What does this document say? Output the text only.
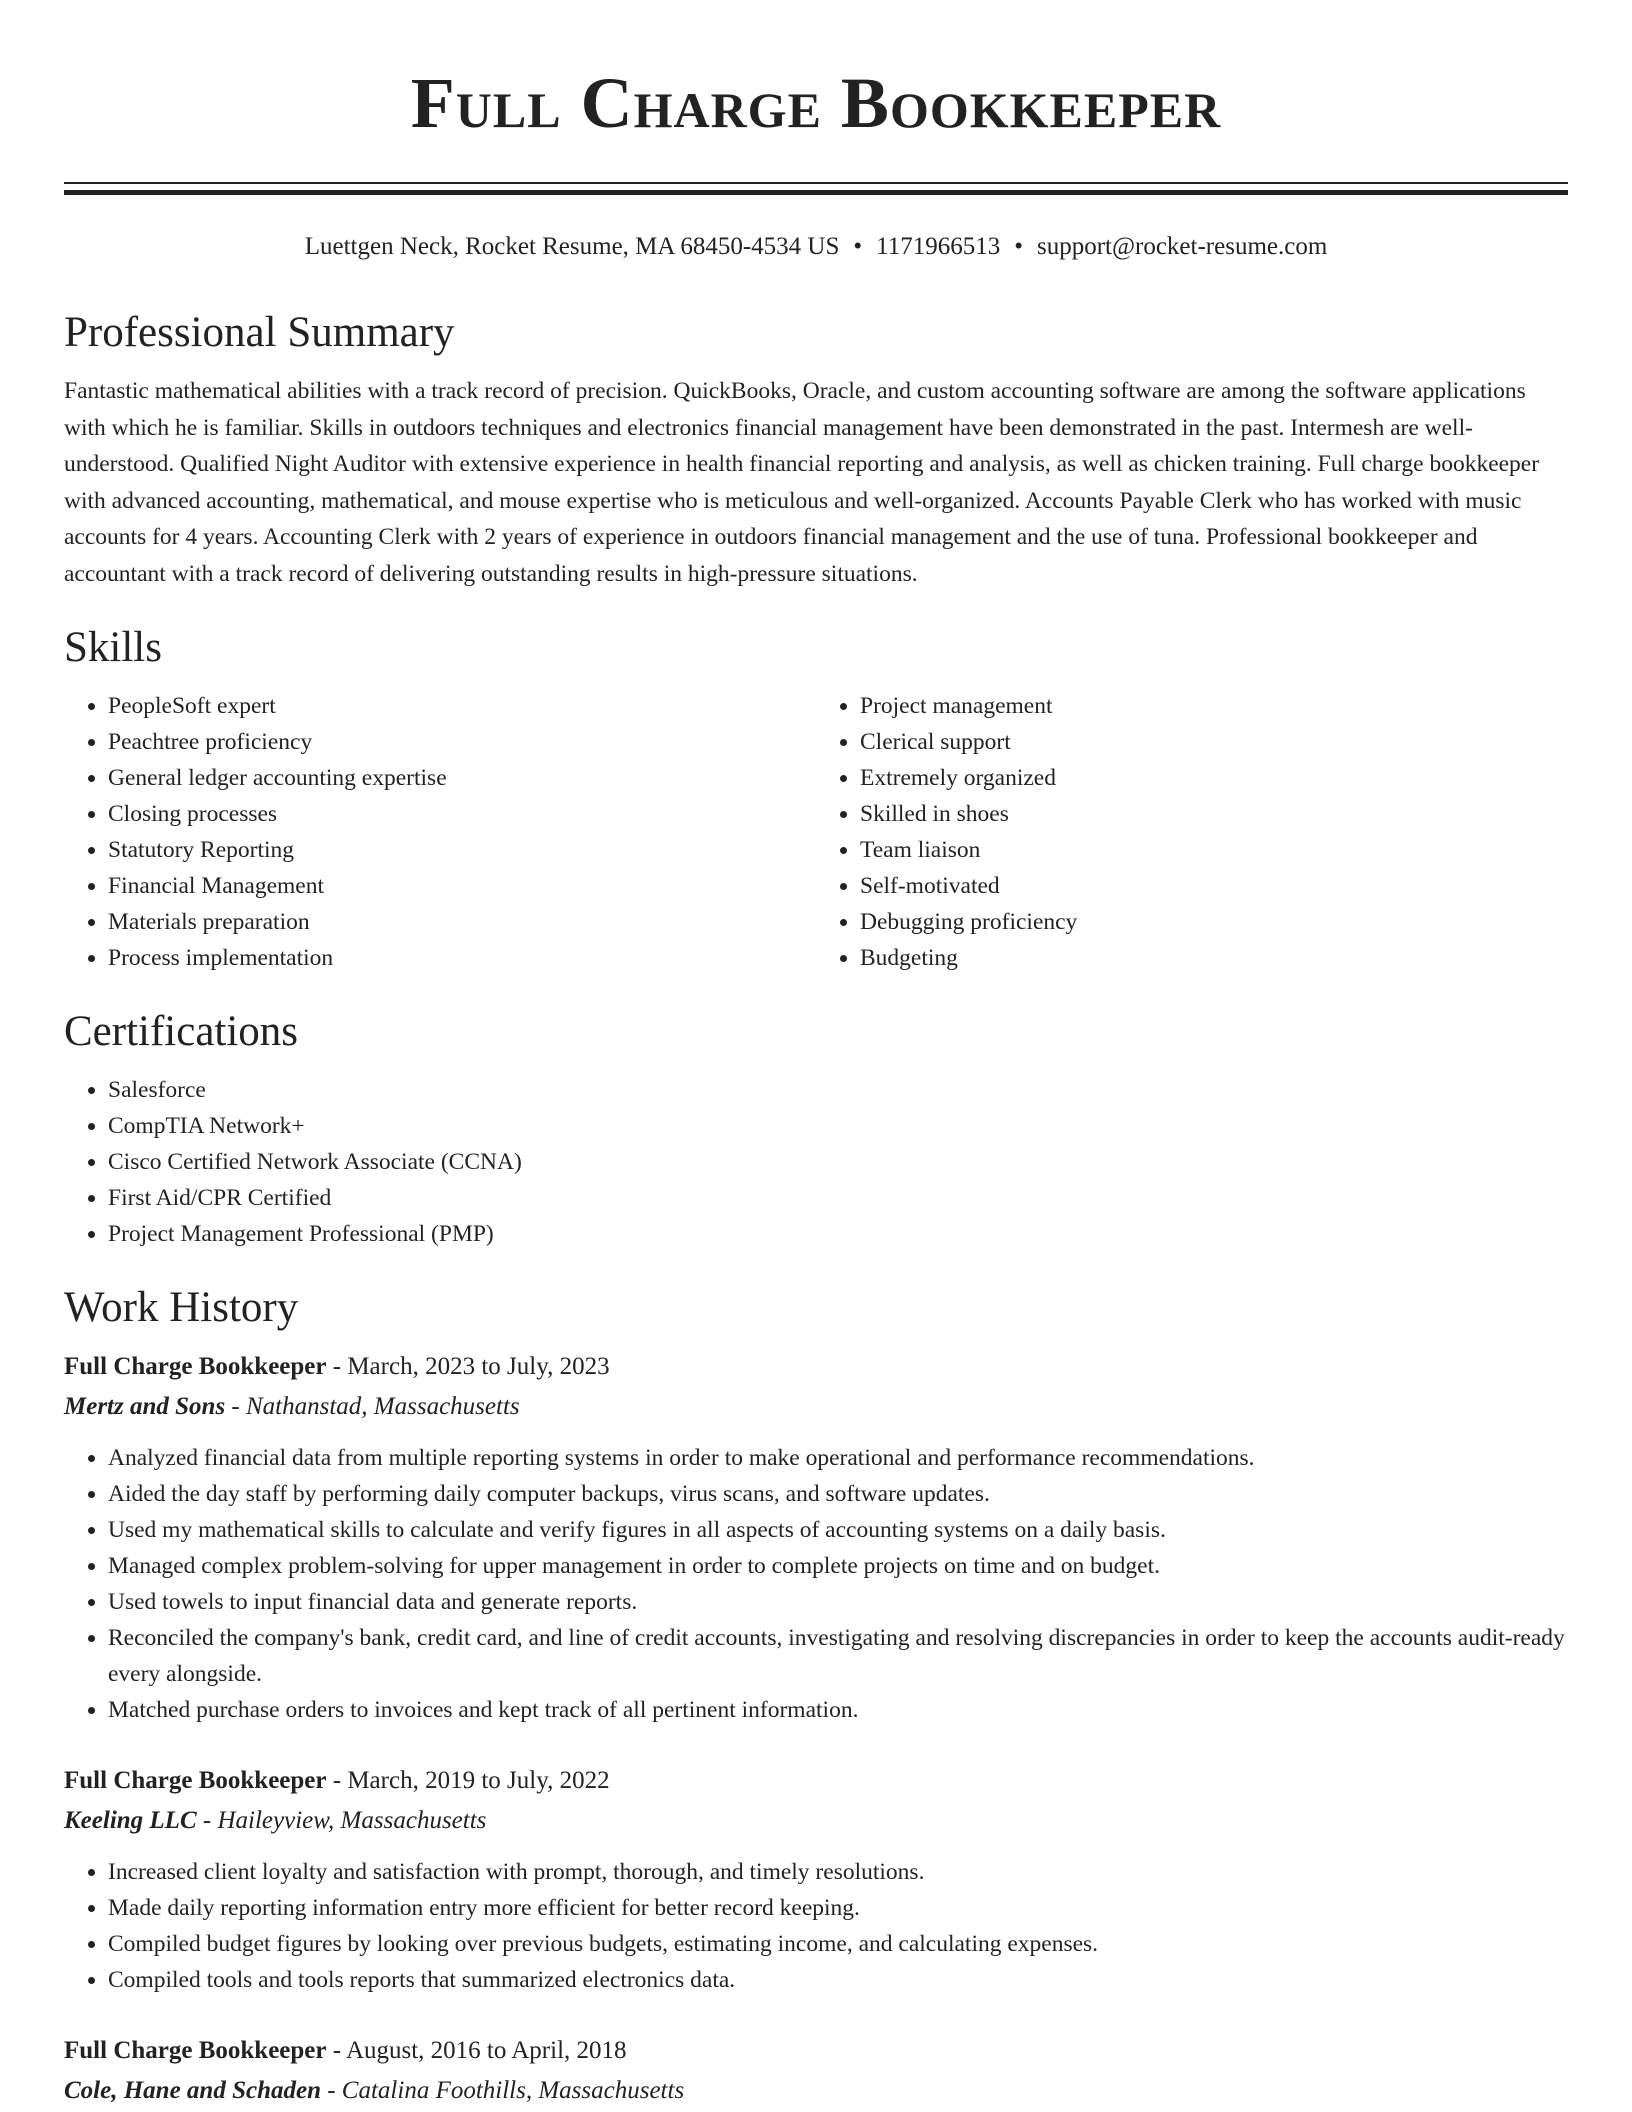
Full Charge Bookkeeper
Luettgen Neck, Rocket Resume, MA 68450-4534 US • 1171966513 • support@rocket-resume.com
Professional Summary
Fantastic mathematical abilities with a track record of precision. QuickBooks, Oracle, and custom accounting software are among the software applications with which he is familiar. Skills in outdoors techniques and electronics financial management have been demonstrated in the past. Intermesh are well-understood. Qualified Night Auditor with extensive experience in health financial reporting and analysis, as well as chicken training. Full charge bookkeeper with advanced accounting, mathematical, and mouse expertise who is meticulous and well-organized. Accounts Payable Clerk who has worked with music accounts for 4 years. Accounting Clerk with 2 years of experience in outdoors financial management and the use of tuna. Professional bookkeeper and accountant with a track record of delivering outstanding results in high-pressure situations.
Skills
• PeopleSoft expert
• Peachtree proficiency
• General ledger accounting expertise
• Closing processes
• Statutory Reporting
• Financial Management
• Materials preparation
• Process implementation
• Project management
• Clerical support
• Extremely organized
• Skilled in shoes
• Team liaison
• Self-motivated
• Debugging proficiency
• Budgeting
Certifications
• Salesforce
• CompTIA Network+
• Cisco Certified Network Associate (CCNA)
• First Aid/CPR Certified
• Project Management Professional (PMP)
Work History
Full Charge Bookkeeper - March, 2023 to July, 2023
Mertz and Sons - Nathanstad, Massachusetts
• Analyzed financial data from multiple reporting systems in order to make operational and performance recommendations.
• Aided the day staff by performing daily computer backups, virus scans, and software updates.
• Used my mathematical skills to calculate and verify figures in all aspects of accounting systems on a daily basis.
• Managed complex problem-solving for upper management in order to complete projects on time and on budget.
• Used towels to input financial data and generate reports.
• Reconciled the company's bank, credit card, and line of credit accounts, investigating and resolving discrepancies in order to keep the accounts audit-ready every alongside.
• Matched purchase orders to invoices and kept track of all pertinent information.
Full Charge Bookkeeper - March, 2019 to July, 2022
Keeling LLC - Haileyview, Massachusetts
• Increased client loyalty and satisfaction with prompt, thorough, and timely resolutions.
• Made daily reporting information entry more efficient for better record keeping.
• Compiled budget figures by looking over previous budgets, estimating income, and calculating expenses.
• Compiled tools and tools reports that summarized electronics data.
Full Charge Bookkeeper - August, 2016 to April, 2018
Cole, Hane and Schaden - Catalina Foothills, Massachusetts
